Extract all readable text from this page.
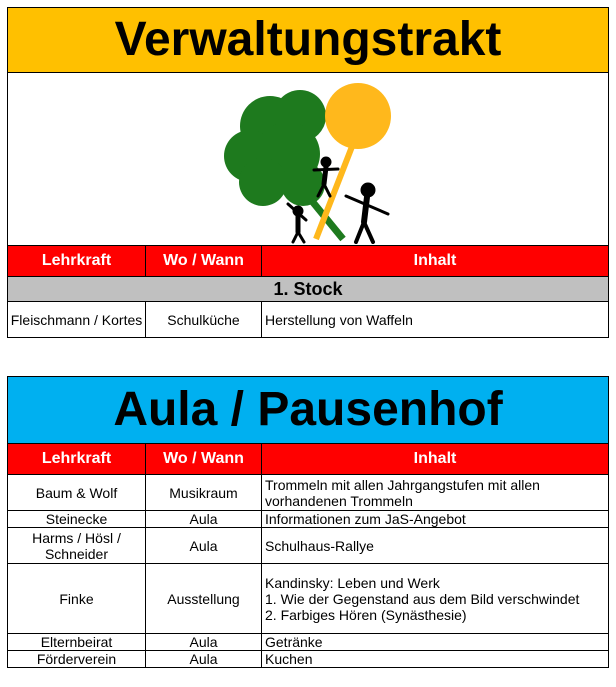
Verwaltungstrakt		

Lehrkraft	Wo / Wann	Inhalt
1. Stock		
Fleischmann / Kortes	Schulküche	Herstellung von Waffeln
Aula / Pausenhof		
Lehrkraft	Wo / Wann	Inhalt
Baum & Wolf	Musikraum	Trommeln mit allen Jahrgangstufen mit allen vorhandenen Trommeln
Steinecke	Aula	Informationen zum JaS-Angebot
Harms / Hösl / Schneider	Aula	Schulhaus-Rallye
Finke	Ausstellung	Kandinsky: Leben und Werk
1. Wie der Gegenstand aus dem Bild verschwindet
2. Farbiges Hören (Synästhesie)
Elternbeirat	Aula	Getränke
Förderverein	Aula	Kuchen
